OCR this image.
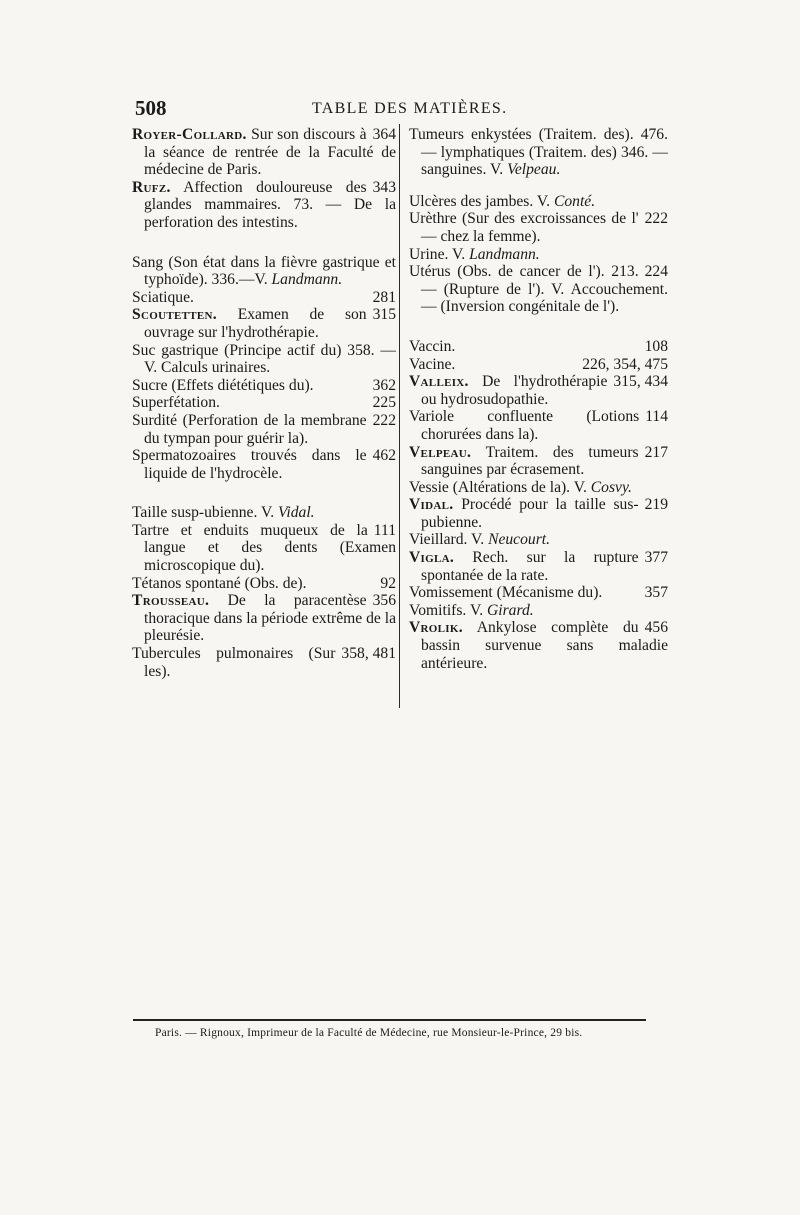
508	TABLE DES MATIÈRES.
364
Royer-Collard. Sur son discours à la séance de rentrée de la Faculté de médecine de Paris.
343
Rufz. Affection douloureuse des glandes mammaires. 73. — De la perforation des intestins.
Sang (Son état dans la fièvre gastrique et typhoïde). 336.—V. Landmann.
281
Sciatique.
315
Scoutetten. Examen de son ouvrage sur l'hydrothérapie.
Suc gastrique (Principe actif du) 358. — V. Calculs urinaires.
362
Sucre (Effets diététiques du).
225
Superfétation.
222
Surdité (Perforation de la membrane du tympan pour guérir la).
462
Spermatozoaires trouvés dans le liquide de l'hydrocèle.
Taille susp-ubienne. V. Vidal.
111
Tartre et enduits muqueux de la langue et des dents (Examen microscopique du).
92
Tétanos spontané (Obs. de).
356
Trousseau. De la paracentèse thoracique dans la période extrême de la pleurésie.
358, 481
Tubercules pulmonaires (Sur les).
Tumeurs enkystées (Traitem. des). 476. — lymphatiques (Traitem. des) 346. — sanguines. V. Velpeau.
Ulcères des jambes. V. Conté.
222
Urèthre (Sur des excroissances de l' — chez la femme).
Urine. V. Landmann.
224
Utérus (Obs. de cancer de l'). 213. — (Rupture de l'). V. Accouchement. — (Inversion congénitale de l').
108
Vaccin.
226, 354, 475
Vacine.
315, 434
Valleix. De l'hydrothérapie ou hydrosudopathie.
114
Variole confluente (Lotions chorurées dans la).
217
Velpeau. Traitem. des tumeurs sanguines par écrasement.
Vessie (Altérations de la). V. Cosvy.
219
Vidal. Procédé pour la taille sus-pubienne.
Vieillard. V. Neucourt.
377
Vigla. Rech. sur la rupture spontanée de la rate.
357
Vomissement (Mécanisme du).
Vomitifs. V. Girard.
456
Vrolik. Ankylose complète du bassin survenue sans maladie antérieure.
Paris. — Rignoux, Imprimeur de la Faculté de Médecine, rue Monsieur-le-Prince, 29 bis.
